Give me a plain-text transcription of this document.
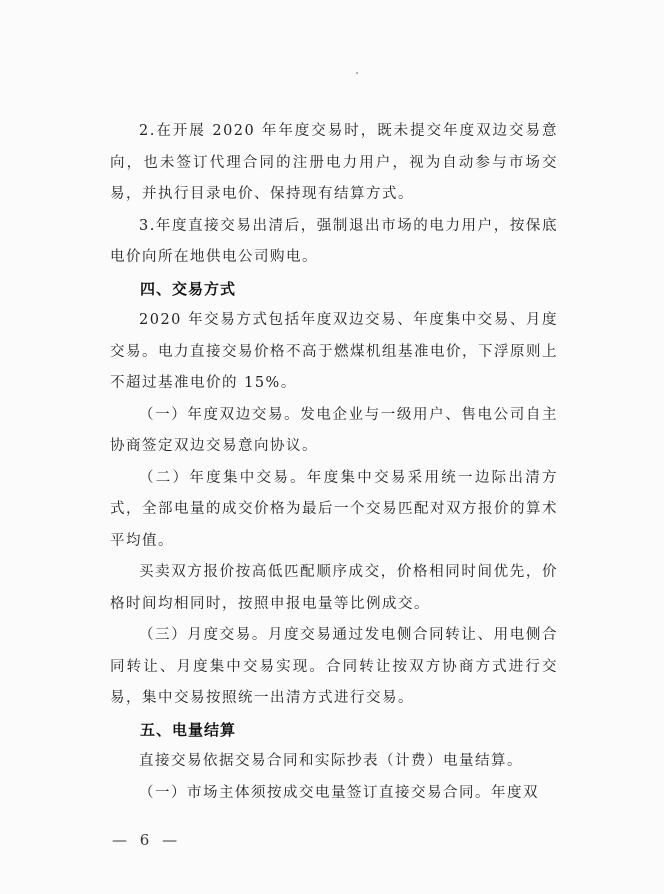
2.在开展 2020 年年度交易时，既未提交年度双边交易意向，也未签订代理合同的注册电力用户，视为自动参与市场交易，并执行目录电价、保持现有结算方式。

3.年度直接交易出清后，强制退出市场的电力用户，按保底电价向所在地供电公司购电。

四、交易方式

2020 年交易方式包括年度双边交易、年度集中交易、月度交易。电力直接交易价格不高于燃煤机组基准电价，下浮原则上不超过基准电价的 15%。

（一）年度双边交易。发电企业与一级用户、售电公司自主协商签定双边交易意向协议。

（二）年度集中交易。年度集中交易采用统一边际出清方式，全部电量的成交价格为最后一个交易匹配对双方报价的算术平均值。

买卖双方报价按高低匹配顺序成交，价格相同时间优先，价格时间均相同时，按照申报电量等比例成交。

（三）月度交易。月度交易通过发电侧合同转让、用电侧合同转让、月度集中交易实现。合同转让按双方协商方式进行交易，集中交易按照统一出清方式进行交易。

五、电量结算

直接交易依据交易合同和实际抄表（计费）电量结算。

（一）市场主体须按成交电量签订直接交易合同。年度双

— 6 —
